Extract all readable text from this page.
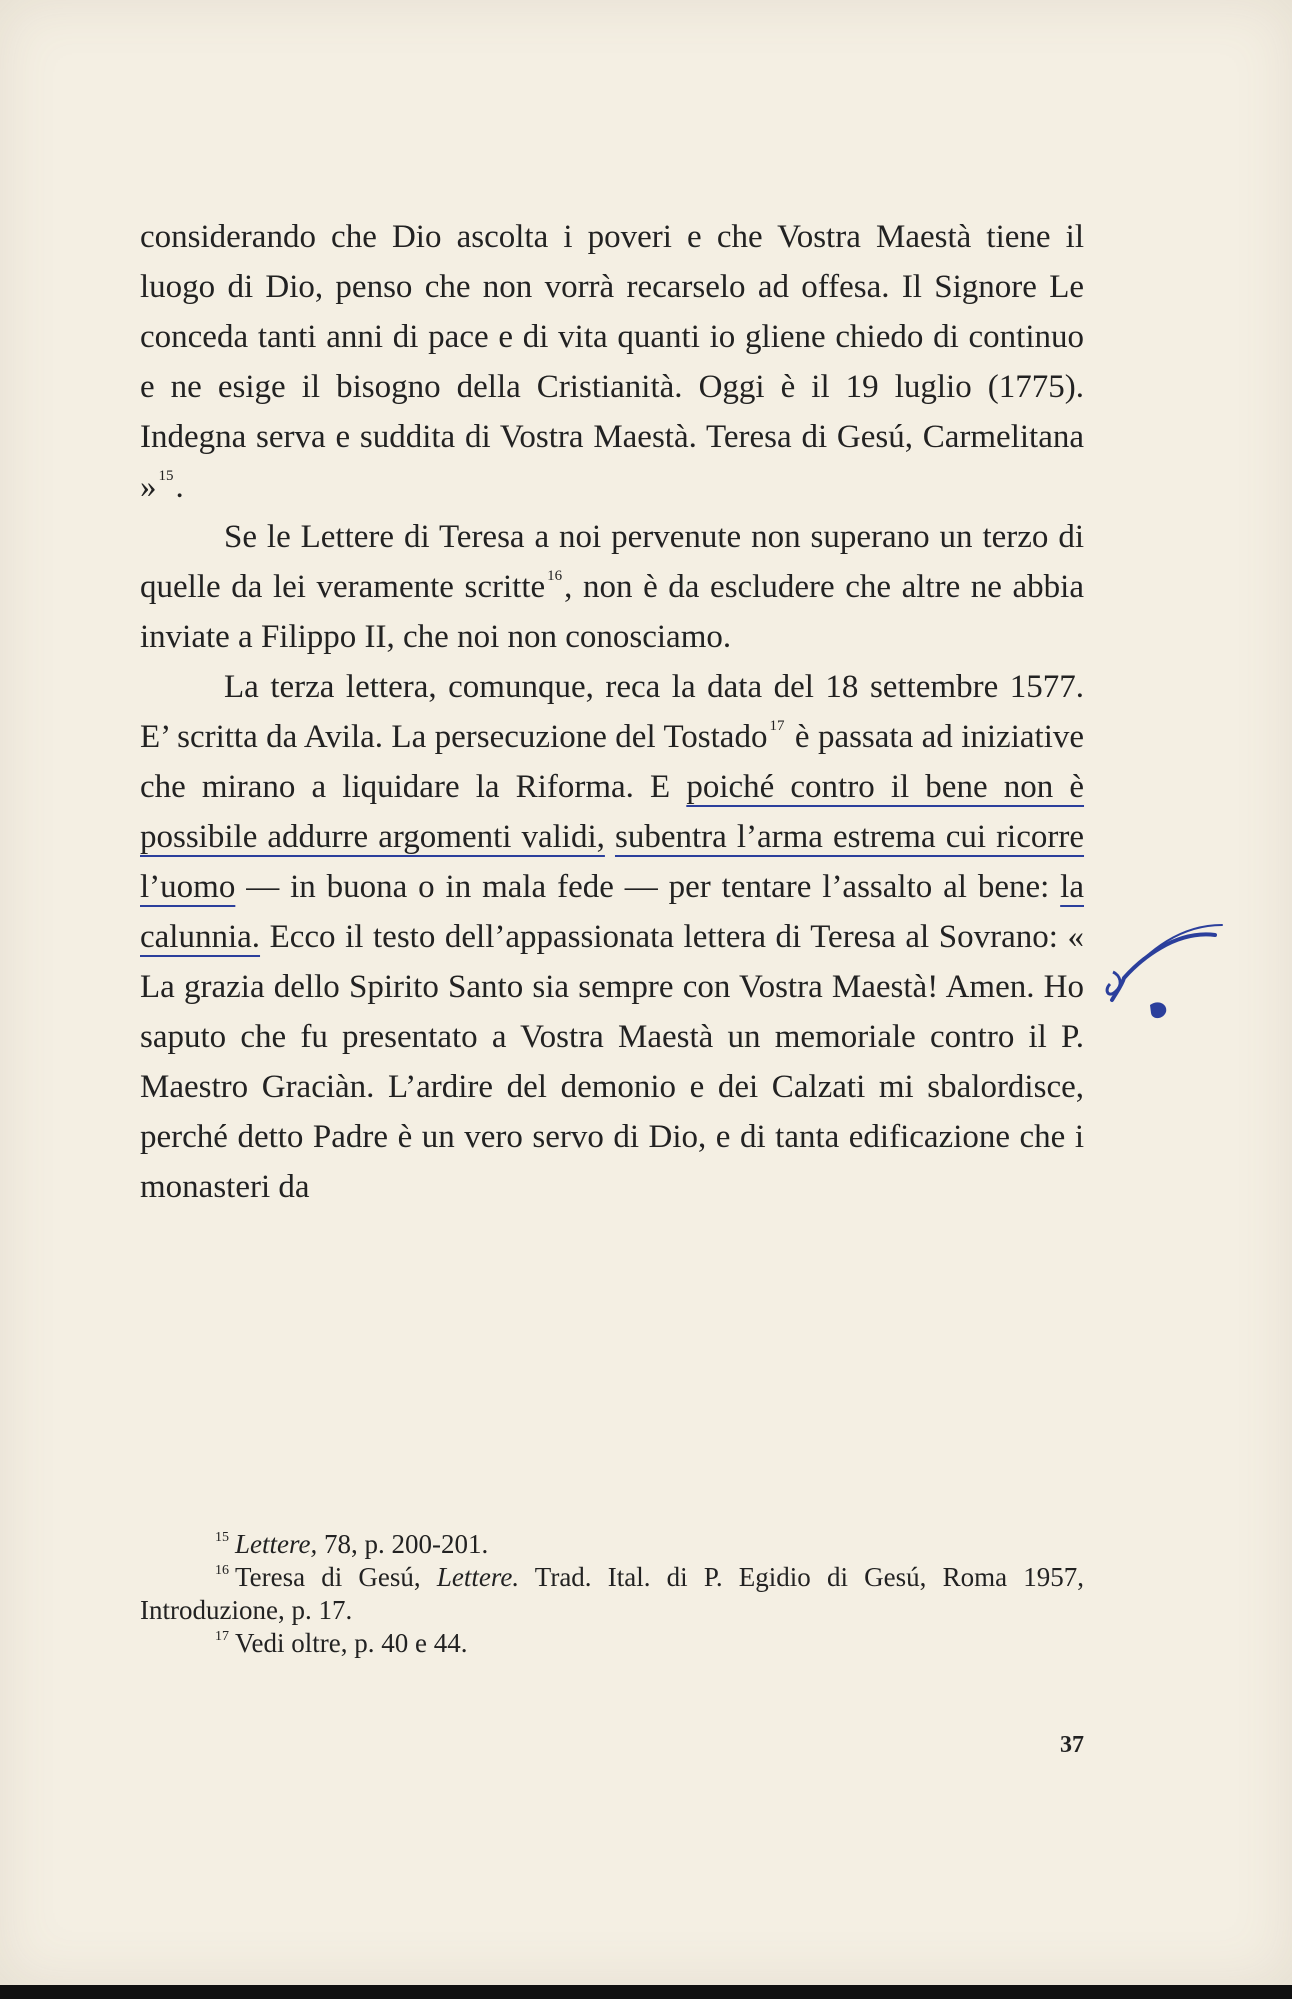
considerando che Dio ascolta i poveri e che Vostra Maestà tiene il luogo di Dio, penso che non vorrà recarselo ad offesa. Il Signore Le conceda tanti anni di pace e di vita quanti io gliene chiedo di continuo e ne esige il bisogno della Cristianità. Oggi è il 19 luglio (1775). Indegna serva e suddita di Vostra Maestà. Teresa di Gesú, Carmelitana » $^{15}$.

Se le Lettere di Teresa a noi pervenute non superano un terzo di quelle da lei veramente scritte $^{16}$, non è da escludere che altre ne abbia inviate a Filippo II, che noi non conosciamo.

La terza lettera, comunque, reca la data del 18 settembre 1577. E’ scritta da Avila. La persecuzione del Tostado $^{17}$ è passata ad iniziative che mirano a liquidare la Riforma. E poiché contro il bene non è possibile addurre argomenti validi, subentra l’arma estrema cui ricorre l’uomo — in buona o in mala fede — per tentare l’assalto al bene: la calunnia. Ecco il testo dell’appassionata lettera di Teresa al Sovrano: « La grazia dello Spirito Santo sia sempre con Vostra Maestà! Amen. Ho saputo che fu presentato a Vostra Maestà un memoriale contro il P. Maestro Graciàn. L’ardire del demonio e dei Calzati mi sbalordisce, perché detto Padre è un vero servo di Dio, e di tanta edificazione che i monasteri da

$^{15}$ Lettere, 78, p. 200-201.

$^{16}$ Teresa di Gesú, Lettere. Trad. Ital. di P. Egidio di Gesú, Roma 1957, Introduzione, p. 17.

$^{17}$ Vedi oltre, p. 40 e 44.

37
